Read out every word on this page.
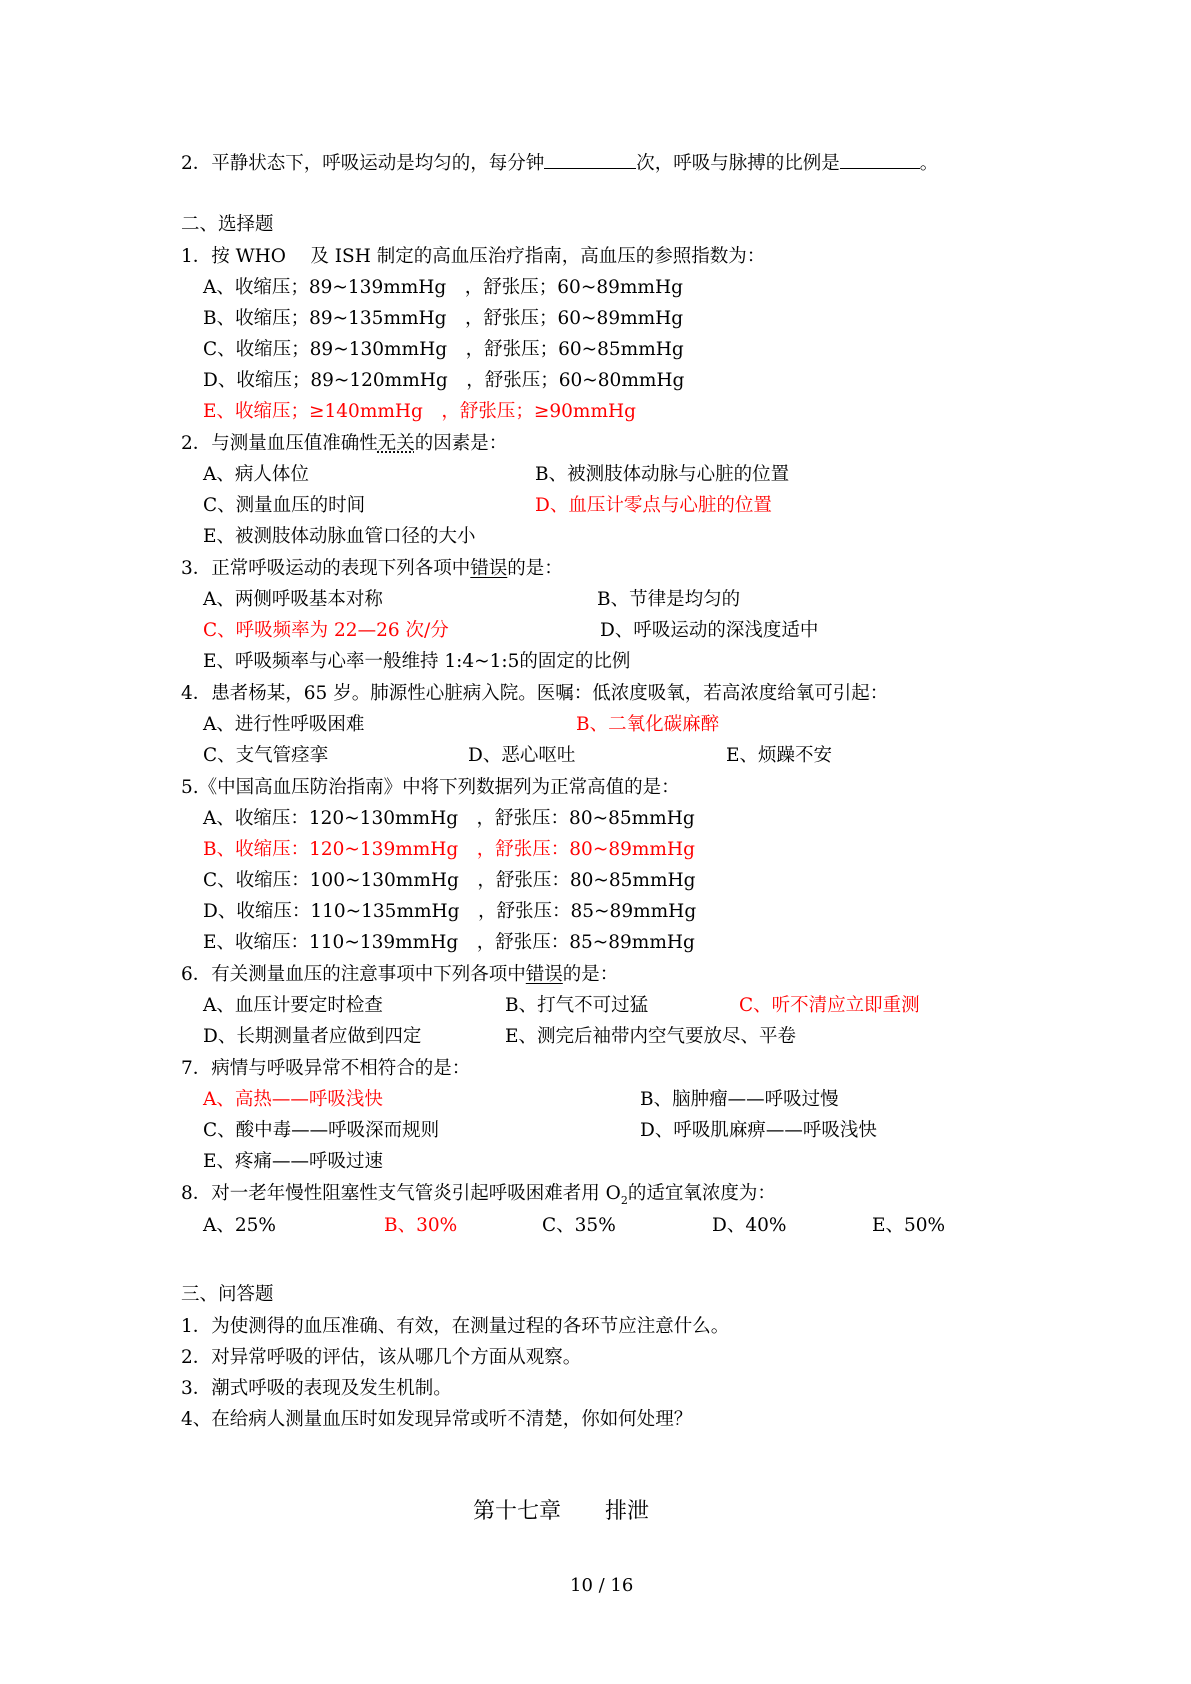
2．平静状态下，呼吸运动是均匀的，每分钟	次，呼吸与脉搏的比例是	。
二、选择题
1．按 WHO　 及 ISH 制定的高血压治疗指南，高血压的参照指数为：
A、收缩压；89~139mmHg　，舒张压；60~89mmHg
B、收缩压；89~135mmHg　，舒张压；60~89mmHg
C、收缩压；89~130mmHg　，舒张压；60~85mmHg
D、收缩压；89~120mmHg　，舒张压；60~80mmHg
E、收缩压；≥140mmHg　，舒张压；≥90mmHg
2．与测量血压值准确性无关的因素是：
A、病人体位	B、被测肢体动脉与心脏的位置
C、测量血压的时间	D、血压计零点与心脏的位置
E、被测肢体动脉血管口径的大小
3．正常呼吸运动的表现下列各项中错误的是：
A、两侧呼吸基本对称	B、节律是均匀的
C、呼吸频率为 22—26 次/分	D、呼吸运动的深浅度适中
E、呼吸频率与心率一般维持 1:4~1:5的固定的比例
4．患者杨某，65 岁。肺源性心脏病入院。医嘱：低浓度吸氧，若高浓度给氧可引起：
A、进行性呼吸困难	B、二氧化碳麻醉
C、支气管痉挛	D、恶心呕吐	E、烦躁不安
5.《中国高血压防治指南》中将下列数据列为正常高值的是：
A、收缩压：120~130mmHg　，舒张压：80~85mmHg
B、收缩压：120~139mmHg　，舒张压：80~89mmHg
C、收缩压：100~130mmHg　，舒张压：80~85mmHg
D、收缩压：110~135mmHg　，舒张压：85~89mmHg
E、收缩压：110~139mmHg　，舒张压：85~89mmHg
6．有关测量血压的注意事项中下列各项中错误的是：
A、血压计要定时检查	B、打气不可过猛	C、听不清应立即重测
D、长期测量者应做到四定	E、测完后袖带内空气要放尽、平卷
7．病情与呼吸异常不相符合的是：
A、高热——呼吸浅快	B、脑肿瘤——呼吸过慢
C、酸中毒——呼吸深而规则	D、呼吸肌麻痹——呼吸浅快
E、疼痛——呼吸过速
8．对一老年慢性阻塞性支气管炎引起呼吸困难者用 $O_2$的适宜氧浓度为：
A、25%	B、30%	C、35%	D、40%	E、50%
三、问答题
1．为使测得的血压准确、有效，在测量过程的各环节应注意什么。
2．对异常呼吸的评估，该从哪几个方面从观察。
3．潮式呼吸的表现及发生机制。
4、在给病人测量血压时如发现异常或听不清楚，你如何处理？
第十七章　　排泄
10 / 16
